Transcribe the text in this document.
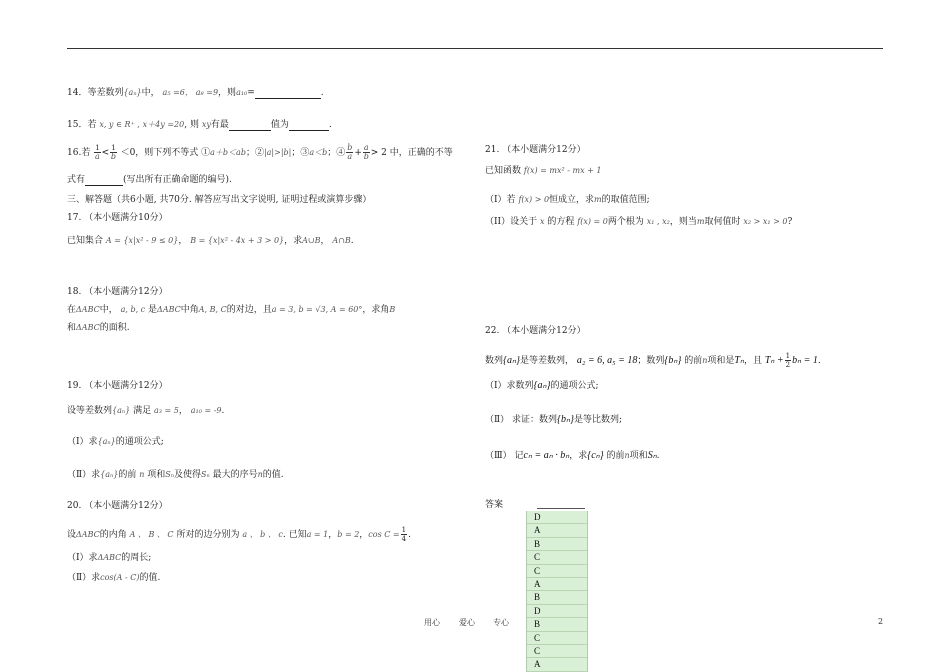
14．等差数列{aₙ}中， a₅ =6， a₈ =9，则a₁₀=	.
15．若 x, y ∈ R⁺ , x＋4y =20, 则 xy有最	值为	.
16.若 $\frac{1}{a} < \frac{1}{b} <0$，则下列不等式 ①a＋b＜ab；②|a|>|b|；③a＜b；④ $\frac{b}{a} + \frac{a}{b} > 2$ 中，正确的不等
式有	(写出所有正确命题的编号).
三、解答题（共6小题, 共70分. 解答应写出文字说明, 证明过程或演算步骤）
17. （本小题满分10分）
已知集合 A = {x|x² - 9 ≤ 0}， B = {x|x² - 4x + 3 > 0}，求A∪B， A∩B.
18. （本小题满分12分）
在ΔABC中， a, b, c 是ΔABC中角A, B, C的对边，且a = 3, b = √3, A = 60°，求角B
和ΔABC的面积.
19. （本小题满分12分）
设等差数列{aₙ} 满足 a₃ = 5， a₁₀ = -9.
（Ⅰ）求{aₙ}的通项公式;
（Ⅱ）求{aₙ}的前 n 项和Sₙ及使得Sₙ 最大的序号n的值.
20. （本小题满分12分）
设ΔABC的内角 A 、 B 、 C 所对的边分别为 a 、 b 、 c. 已知a = 1，b = 2，$\cos C = \frac{1}{4}$ .
（Ⅰ）求ΔABC的周长;
（Ⅱ）求cos(A - C)的值.
21. （本小题满分12分）
已知函数 f(x) = mx² - mx + 1
（I）若 f(x) > 0恒成立，求m的取值范围;
（II）设关于 x 的方程 f(x) = 0两个根为 x₁ , x₂，则当m取何值时 x₂ > x₁ > 0?
22. （本小题满分12分）
数列{aₙ}是等差数列， a₂ = 6, a₅ = 18；数列{bₙ} 的前n项和是Tₙ，且 $T_n + \frac{1}{2}$ bₙ = 1.
（Ⅰ）求数列{aₙ}的通项公式;
（Ⅱ） 求证：数列{bₙ}是等比数列;
（Ⅲ） 记cₙ = aₙ · bₙ，求{cₙ} 的前n项和Sₙ.
答案
D
A
B
C
C
A
B
D
B
C
C
A
用心 爱心 专心	2
